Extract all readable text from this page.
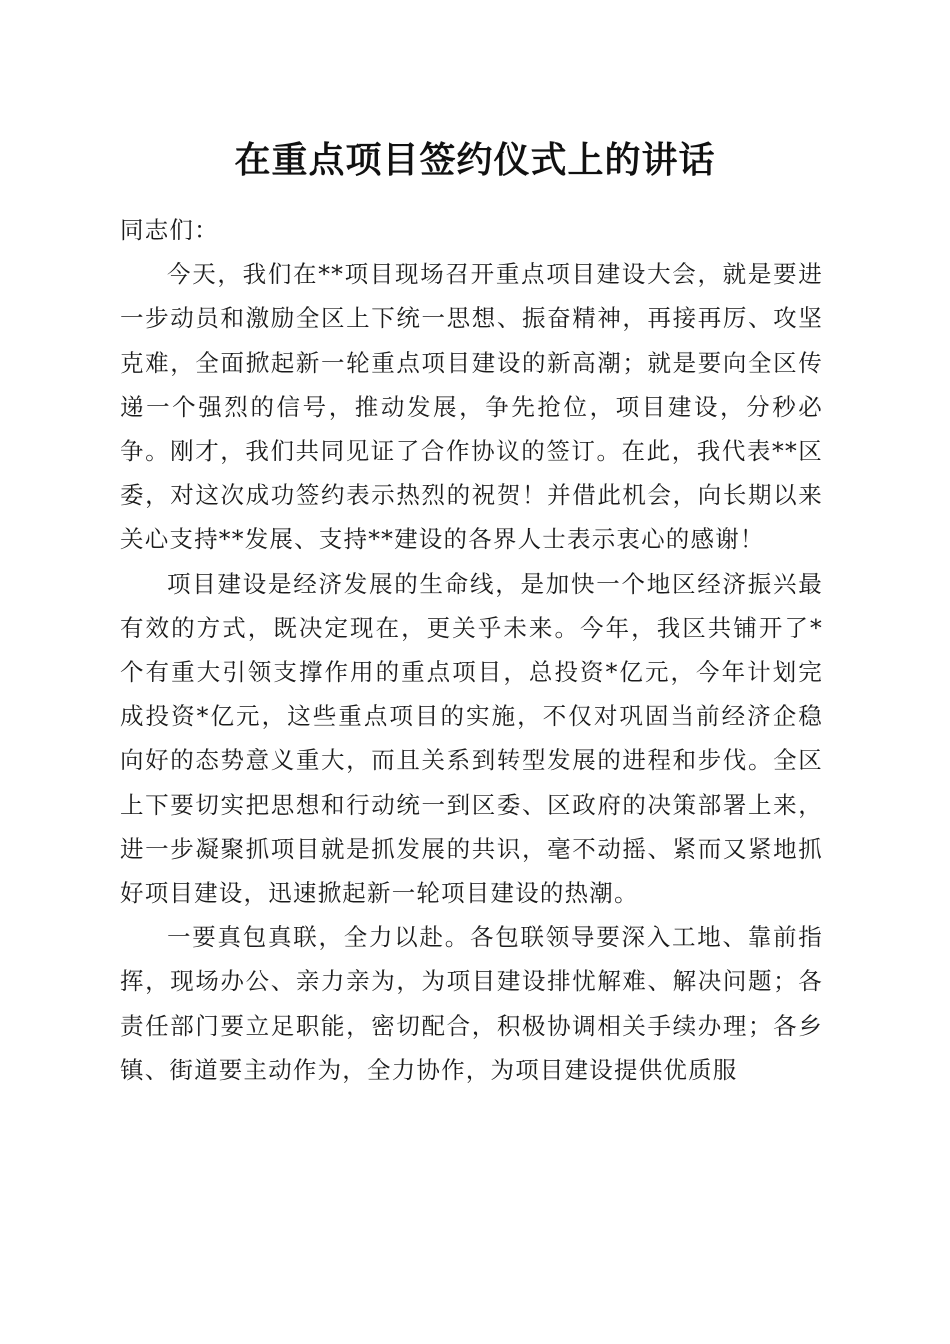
在重点项目签约仪式上的讲话

同志们：

今天，我们在**项目现场召开重点项目建设大会，就是要进一步动员和激励全区上下统一思想、振奋精神，再接再厉、攻坚克难，全面掀起新一轮重点项目建设的新高潮；就是要向全区传递一个强烈的信号，推动发展，争先抢位，项目建设，分秒必争。刚才，我们共同见证了合作协议的签订。在此，我代表**区委，对这次成功签约表示热烈的祝贺！并借此机会，向长期以来关心支持**发展、支持**建设的各界人士表示衷心的感谢！

项目建设是经济发展的生命线，是加快一个地区经济振兴最有效的方式，既决定现在，更关乎未来。今年，我区共铺开了*个有重大引领支撑作用的重点项目，总投资*亿元，今年计划完成投资*亿元，这些重点项目的实施，不仅对巩固当前经济企稳向好的态势意义重大，而且关系到转型发展的进程和步伐。全区上下要切实把思想和行动统一到区委、区政府的决策部署上来，进一步凝聚抓项目就是抓发展的共识，毫不动摇、紧而又紧地抓好项目建设，迅速掀起新一轮项目建设的热潮。

一要真包真联，全力以赴。各包联领导要深入工地、靠前指挥，现场办公、亲力亲为，为项目建设排忧解难、解决问题；各责任部门要立足职能，密切配合，积极协调相关手续办理；各乡镇、街道要主动作为，全力协作，为项目建设提供优质服
